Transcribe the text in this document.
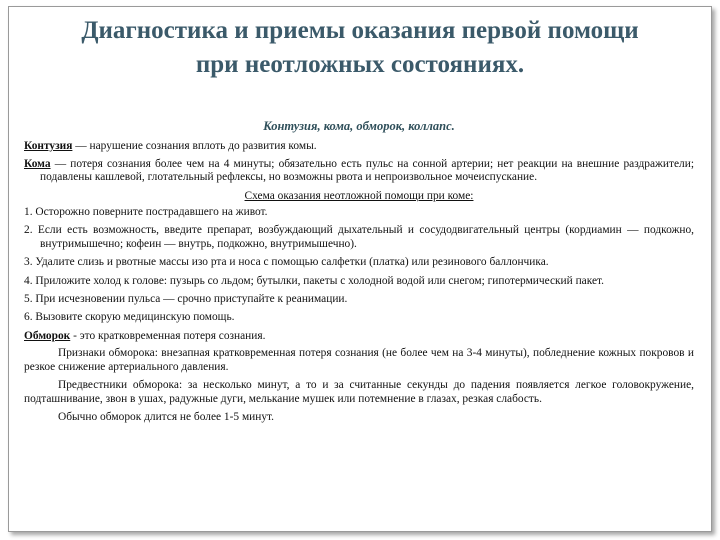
Диагностика и приемы оказания первой помощи
при неотложных состояниях.
Контузия, кома, обморок, коллапс.
Контузия — нарушение сознания вплоть до развития комы.
Кома — потеря сознания более чем на 4 минуты; обязательно есть пульс на сонной артерии; нет реакции на внешние раздражители; подавлены кашлевой, глотательный рефлексы, но возможны рвота и непроизвольное мочеиспускание.
Схема оказания неотложной помощи при коме:
1. Осторожно поверните пострадавшего на живот.
2. Если есть возможность, введите препарат, возбуждающий дыхательный и сосудодвигательный центры (кордиамин — подкожно, внутримышечно; кофеин — внутрь, подкожно, внутримышечно).
3. Удалите слизь и рвотные массы изо рта и носа с помощью салфетки (платка) или резинового баллончика.
4. Приложите холод к голове: пузырь со льдом; бутылки, пакеты с холодной водой или снегом; гипотермический пакет.
5. При исчезновении пульса — срочно приступайте к реанимации.
6. Вызовите скорую медицинскую помощь.
Обморок - это кратковременная потеря сознания.
Признаки обморока: внезапная кратковременная потеря сознания (не более чем на 3-4 минуты), побледнение кожных покровов и резкое снижение артериального давления.
Предвестники обморока: за несколько минут, а то и за считанные секунды до падения появляется легкое головокружение, подташнивание, звон в ушах, радужные дуги, мелькание мушек или потемнение в глазах, резкая слабость.
Обычно обморок длится не более 1-5 минут.
